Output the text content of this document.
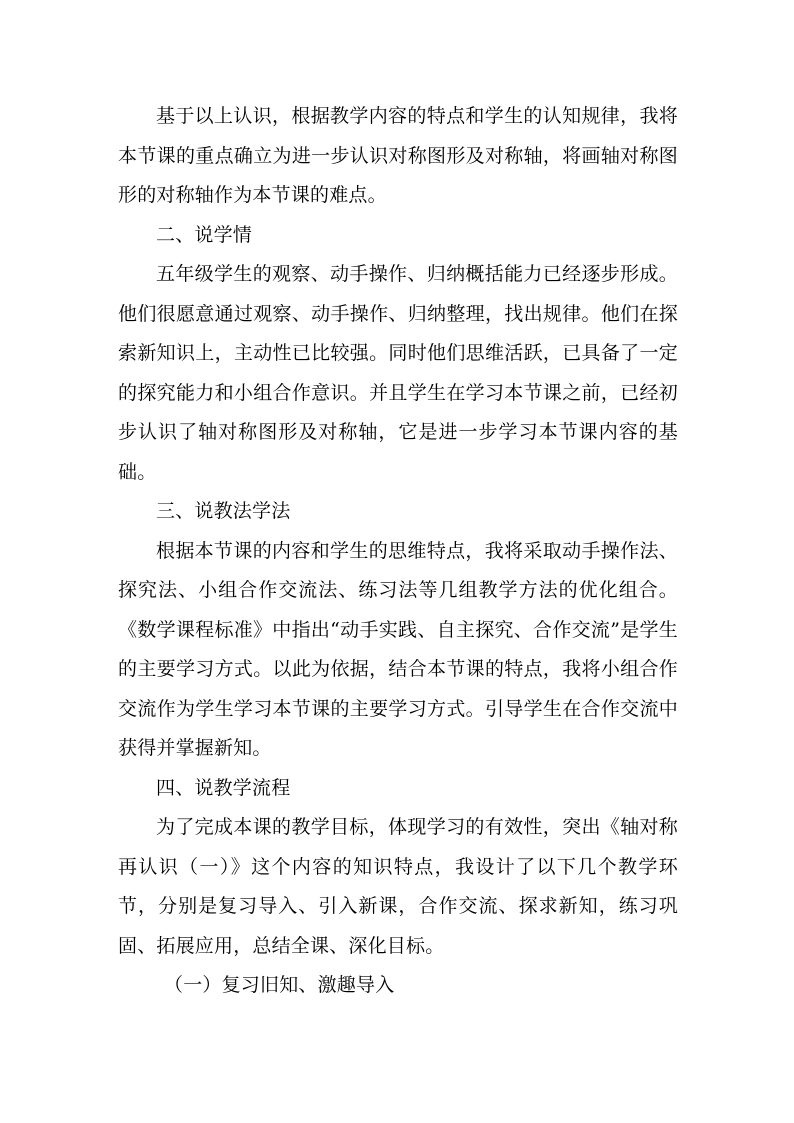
基于以上认识，根据教学内容的特点和学生的认知规律，我将本节课的重点确立为进一步认识对称图形及对称轴，将画轴对称图形的对称轴作为本节课的难点。

二、说学情

五年级学生的观察、动手操作、归纳概括能力已经逐步形成。他们很愿意通过观察、动手操作、归纳整理，找出规律。他们在探索新知识上，主动性已比较强。同时他们思维活跃，已具备了一定的探究能力和小组合作意识。并且学生在学习本节课之前，已经初步认识了轴对称图形及对称轴，它是进一步学习本节课内容的基础。

三、说教法学法

根据本节课的内容和学生的思维特点，我将采取动手操作法、探究法、小组合作交流法、练习法等几组教学方法的优化组合。《数学课程标准》中指出“动手实践、自主探究、合作交流”是学生的主要学习方式。以此为依据，结合本节课的特点，我将小组合作交流作为学生学习本节课的主要学习方式。引导学生在合作交流中获得并掌握新知。

四、说教学流程

为了完成本课的教学目标，体现学习的有效性，突出《轴对称再认识（一）》这个内容的知识特点，我设计了以下几个教学环节，分别是复习导入、引入新课，合作交流、探求新知，练习巩固、拓展应用，总结全课、深化目标。

（一）复习旧知、激趣导入
